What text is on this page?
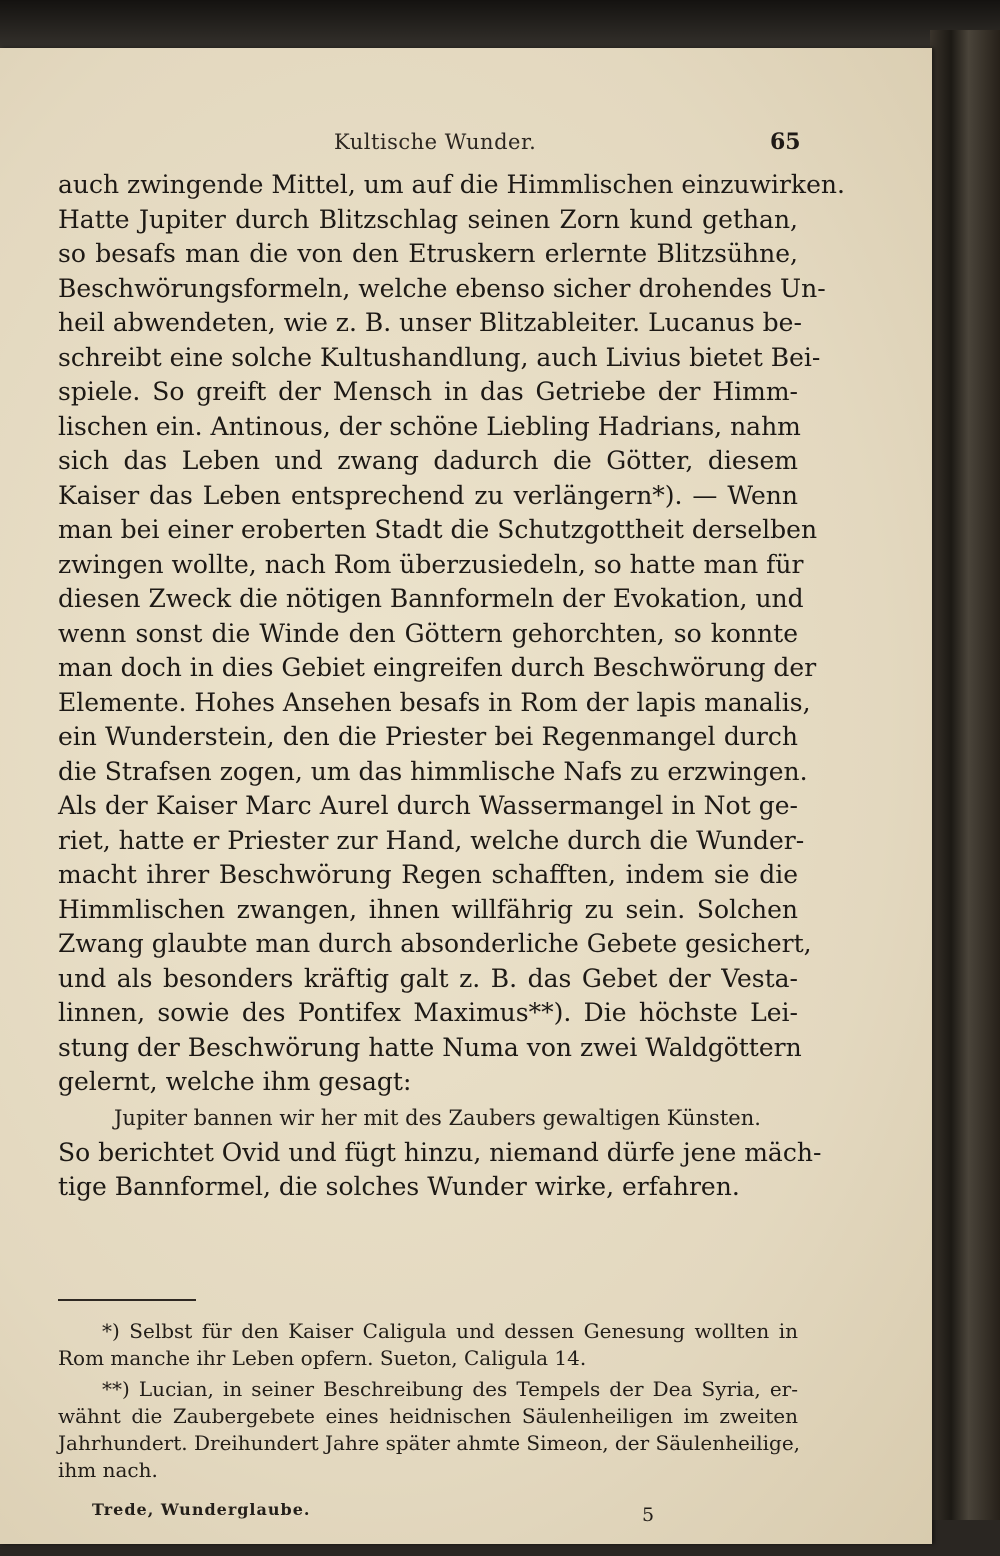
Kultische Wunder.	65
auch zwingende Mittel, um auf die Himmlischen einzuwirken.
Hatte Jupiter durch Blitzschlag seinen Zorn kund gethan,
so besafs man die von den Etruskern erlernte Blitzsühne,
Beschwörungsformeln, welche ebenso sicher drohendes Un-
heil abwendeten, wie z. B. unser Blitzableiter. Lucanus be-
schreibt eine solche Kultushandlung, auch Livius bietet Bei-
spiele. So greift der Mensch in das Getriebe der Himm-
lischen ein. Antinous, der schöne Liebling Hadrians, nahm
sich das Leben und zwang dadurch die Götter, diesem
Kaiser das Leben entsprechend zu verlängern*). — Wenn
man bei einer eroberten Stadt die Schutzgottheit derselben
zwingen wollte, nach Rom überzusiedeln, so hatte man für
diesen Zweck die nötigen Bannformeln der Evokation, und
wenn sonst die Winde den Göttern gehorchten, so konnte
man doch in dies Gebiet eingreifen durch Beschwörung der
Elemente. Hohes Ansehen besafs in Rom der lapis manalis,
ein Wunderstein, den die Priester bei Regenmangel durch
die Strafsen zogen, um das himmlische Nafs zu erzwingen.
Als der Kaiser Marc Aurel durch Wassermangel in Not ge-
riet, hatte er Priester zur Hand, welche durch die Wunder-
macht ihrer Beschwörung Regen schafften, indem sie die
Himmlischen zwangen, ihnen willfährig zu sein. Solchen
Zwang glaubte man durch absonderliche Gebete gesichert,
und als besonders kräftig galt z. B. das Gebet der Vesta-
linnen, sowie des Pontifex Maximus**). Die höchste Lei-
stung der Beschwörung hatte Numa von zwei Waldgöttern
gelernt, welche ihm gesagt:
Jupiter bannen wir her mit des Zaubers gewaltigen Künsten.
So berichtet Ovid und fügt hinzu, niemand dürfe jene mäch-
tige Bannformel, die solches Wunder wirke, erfahren.
*) Selbst für den Kaiser Caligula und dessen Genesung wollten in
Rom manche ihr Leben opfern. Sueton, Caligula 14.
**) Lucian, in seiner Beschreibung des Tempels der Dea Syria, er-
wähnt die Zaubergebete eines heidnischen Säulenheiligen im zweiten
Jahrhundert. Dreihundert Jahre später ahmte Simeon, der Säulenheilige,
ihm nach.
Trede, Wunderglaube.	5
